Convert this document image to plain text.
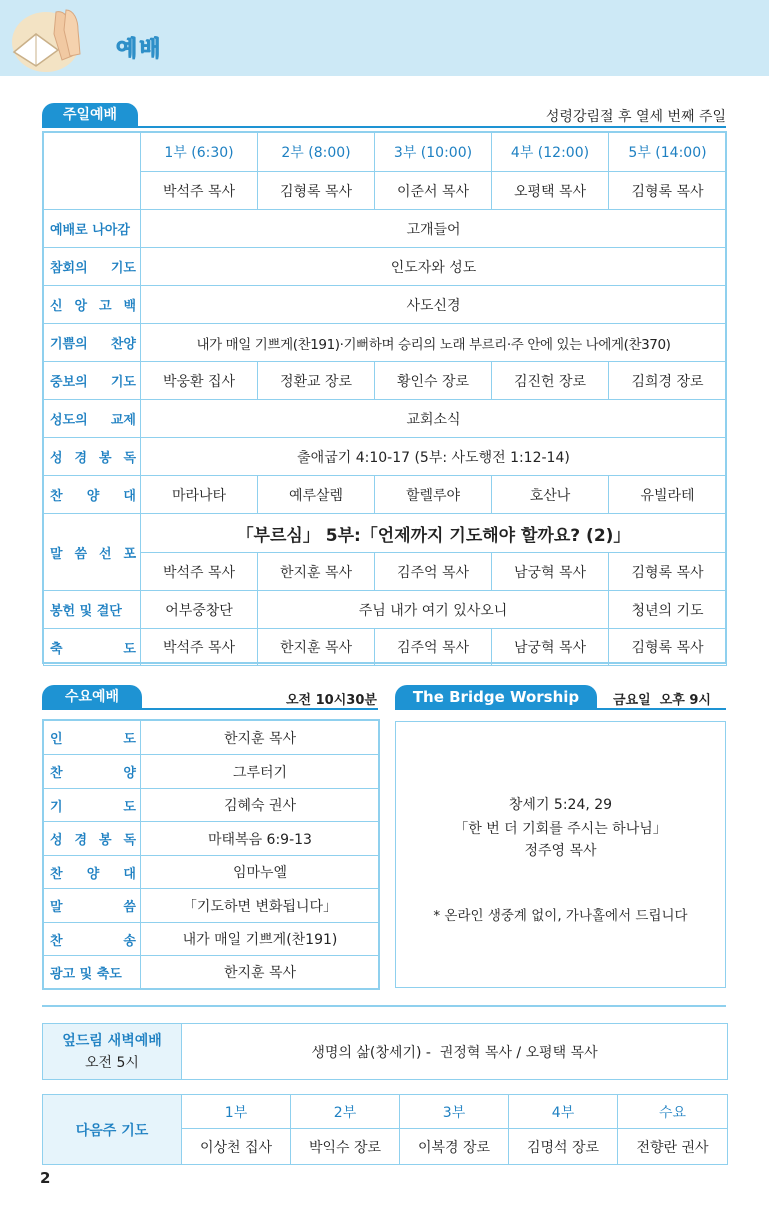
예배
주일예배	성령강림절 후 열세 번째 주일
	1부 (6:30)	2부 (8:00)	3부 (10:00)	4부 (12:00)	5부 (14:00)
	박석주 목사	김형록 목사	이준서 목사	오평택 목사	김형록 목사
예배로 나아감	고개들어				
참회의 기도	인도자와 성도				
신 앙 고 백	사도신경				
기쁨의 찬양	내가 매일 기쁘게(찬191)·기뻐하며 승리의 노래 부르리·주 안에 있는 나에게(찬370)				
중보의 기도	박웅환 집사	정환교 장로	황인수 장로	김진헌 장로	김희경 장로
성도의 교제	교회소식				
성 경 봉 독	출애굽기 4:10-17 (5부: 사도행전 1:12-14)				
찬 양 대	마라나타	예루살렘	할렐루야	호산나	유빌라테
말 씀 선 포	「부르심」 5부:「언제까지 기도해야 할까요? (2)」				
	박석주 목사	한지훈 목사	김주억 목사	남궁혁 목사	김형록 목사
봉헌 및 결단	어부중창단	주님 내가 여기 있사오니			청년의 기도
축 도	박석주 목사	한지훈 목사	김주억 목사	남궁혁 목사	김형록 목사
수요예배	오전 10시30분
인 도	한지훈 목사
찬 양	그루터기
기 도	김혜숙 권사
성 경 봉 독	마태복음 6:9-13
찬 양 대	임마누엘
말 씀	「기도하면 변화됩니다」
찬 송	내가 매일 기쁘게(찬191)
광고 및 축도	한지훈 목사
The Bridge Worship	금요일  오후 9시
창세기 5:24, 29
「한 번 더 기회를 주시는 하나님」
정주영 목사
* 온라인 생중계 없이, 가나홀에서 드립니다
엎드림 새벽예배
오전 5시
	생명의 삶(창세기) -  권정혁 목사 / 오평택 목사
다음주 기도	1부	2부	3부	4부	수요
	이상천 집사	박익수 장로	이복경 장로	김명석 장로	전향란 권사
2
